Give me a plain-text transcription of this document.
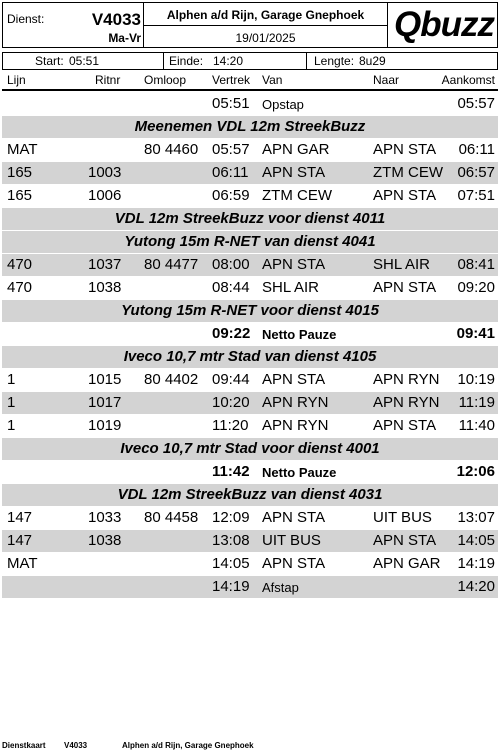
Dienst:	V4033
Ma-Vr
Alphen a/d Rijn, Garage Gnephoek
19/01/2025	Qbuzz
Start: 05:51	Einde: 14:20	Lengte: 8u29
Lijn	Ritnr Omloop Vertrek Van	Naar	Aankomst
05:51 Opstap	05:57
Meenemen VDL 12m StreekBuzz
MAT	80 4460 05:57 APN GAR	APN STA 06:11
165	1003	06:11 APN STA	ZTM CEW 06:57
165	1006	06:59 ZTM CEW	APN STA 07:51
VDL 12m StreekBuzz voor dienst 4011
Yutong 15m R-NET van dienst 4041
470	1037 80 4477 08:00 APN STA	SHL AIR 08:41
470	1038	08:44 SHL AIR	APN STA 09:20
Yutong 15m R-NET voor dienst 4015
09:22 Netto Pauze	09:41
Iveco 10,7 mtr Stad van dienst 4105
1	1015 80 4402 09:44 APN STA	APN RYN 10:19
1	1017	10:20 APN RYN	APN RYN 11:19
1	1019	11:20 APN RYN	APN STA 11:40
Iveco 10,7 mtr Stad voor dienst 4001
11:42 Netto Pauze	12:06
VDL 12m StreekBuzz van dienst 4031
147	1033 80 4458 12:09 APN STA	UIT BUS 13:07
147	1038	13:08 UIT BUS	APN STA 14:05
MAT	14:05 APN STA	APN GAR 14:19
14:19 Afstap	14:20
Dienstkaart V4033	Alphen a/d Rijn, Garage Gnephoek
